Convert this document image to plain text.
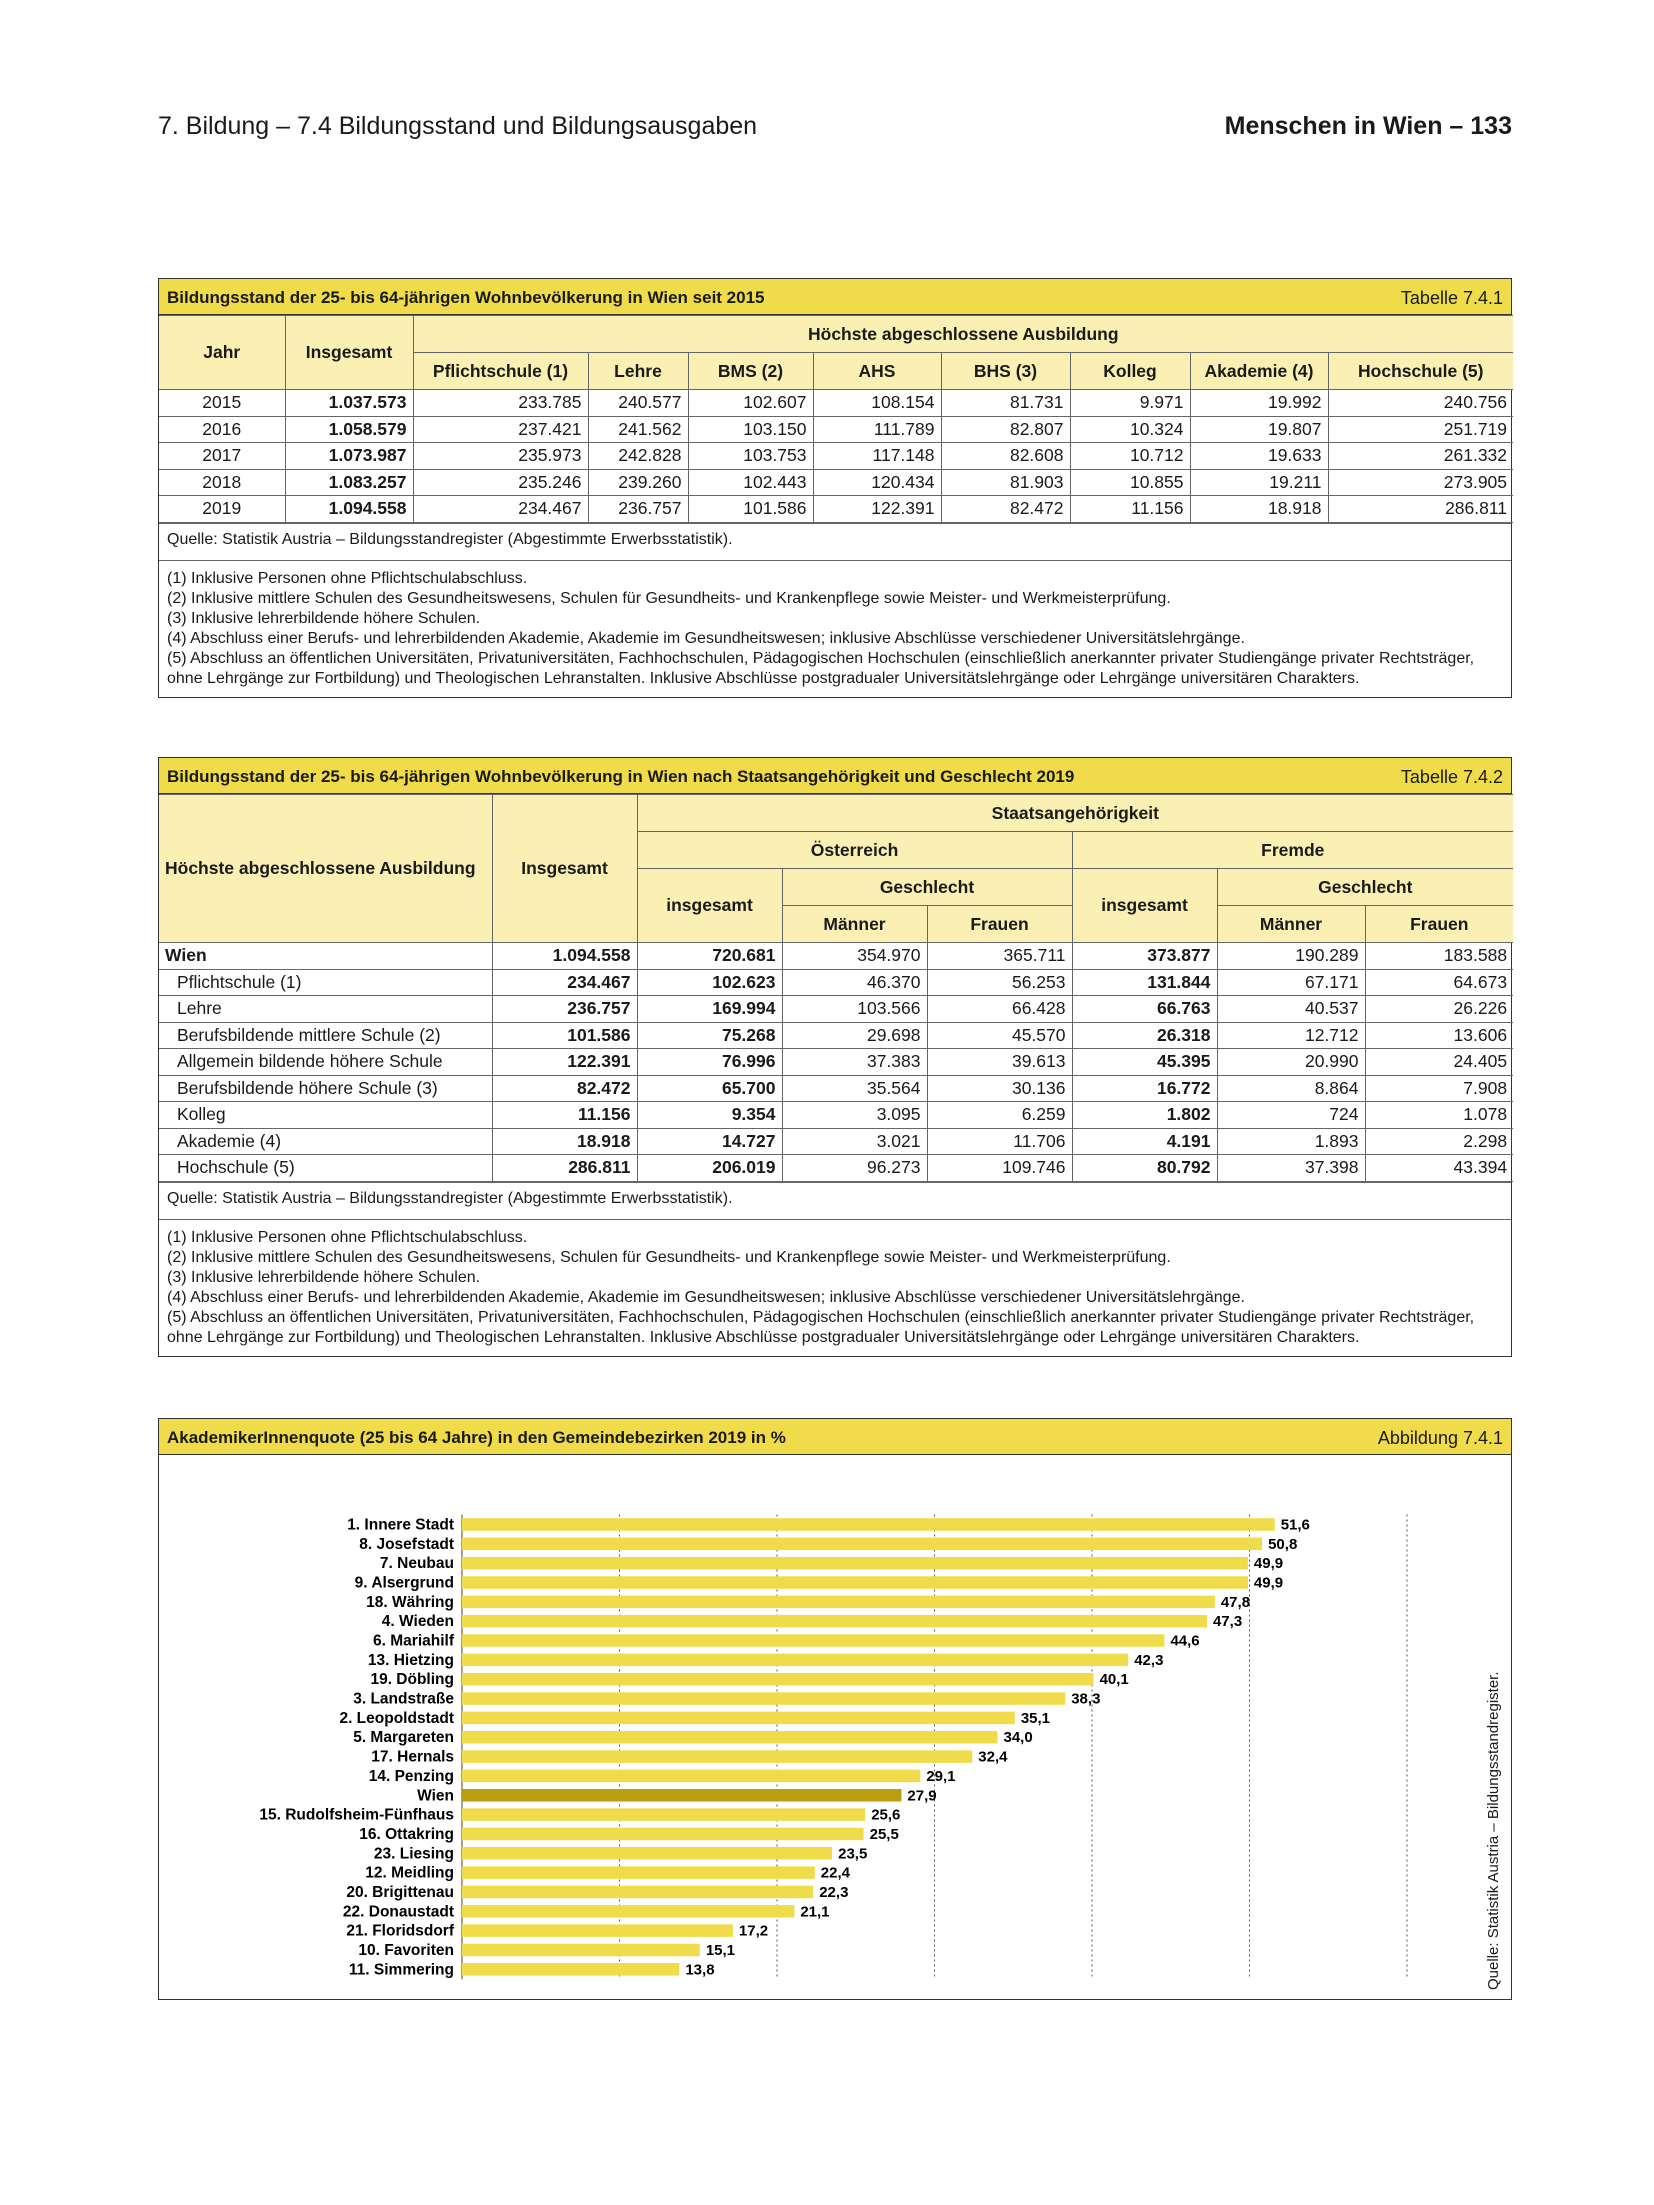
7. Bildung – 7.4 Bildungsstand und Bildungsausgaben	Menschen in Wien – 133
Bildungsstand der 25- bis 64-jährigen Wohnbevölkerung in Wien seit 2015	Tabelle 7.4.1
Jahr	Insgesamt	Höchste abgeschlossene Ausbildung							
		Pflichtschule (1)	Lehre	BMS (2)	AHS	BHS (3)	Kolleg	Akademie (4)	Hochschule (5)
2015	1.037.573	233.785	240.577	102.607	108.154	81.731	9.971	19.992	240.756
2016	1.058.579	237.421	241.562	103.150	111.789	82.807	10.324	19.807	251.719
2017	1.073.987	235.973	242.828	103.753	117.148	82.608	10.712	19.633	261.332
2018	1.083.257	235.246	239.260	102.443	120.434	81.903	10.855	19.211	273.905
2019	1.094.558	234.467	236.757	101.586	122.391	82.472	11.156	18.918	286.811
Quelle: Statistik Austria – Bildungsstandregister (Abgestimmte Erwerbsstatistik).
(1) Inklusive Personen ohne Pflichtschulabschluss.
(2) Inklusive mittlere Schulen des Gesundheitswesens, Schulen für Gesundheits- und Krankenpflege sowie Meister- und Werkmeisterprüfung.
(3) Inklusive lehrerbildende höhere Schulen.
(4) Abschluss einer Berufs- und lehrerbildenden Akademie, Akademie im Gesundheitswesen; inklusive Abschlüsse verschiedener Universitätslehrgänge.
(5) Abschluss an öffentlichen Universitäten, Privatuniversitäten, Fachhochschulen, Pädagogischen Hochschulen (einschließlich anerkannter privater Studiengänge privater Rechtsträger, ohne Lehrgänge zur Fortbildung) und Theologischen Lehranstalten. Inklusive Abschlüsse postgradualer Universitätslehrgänge oder Lehrgänge universitären Charakters.
Bildungsstand der 25- bis 64-jährigen Wohnbevölkerung in Wien nach Staatsangehörigkeit und Geschlecht 2019	Tabelle 7.4.2
Höchste abgeschlossene Ausbildung	Insgesamt	Staatsangehörigkeit					
		Österreich			Fremde		
		insgesamt	Geschlecht		insgesamt	Geschlecht	
			Männer	Frauen		Männer	Frauen
Wien	1.094.558	720.681	354.970	365.711	373.877	190.289	183.588
Pflichtschule (1)	234.467	102.623	46.370	56.253	131.844	67.171	64.673
Lehre	236.757	169.994	103.566	66.428	66.763	40.537	26.226
Berufsbildende mittlere Schule (2)	101.586	75.268	29.698	45.570	26.318	12.712	13.606
Allgemein bildende höhere Schule	122.391	76.996	37.383	39.613	45.395	20.990	24.405
Berufsbildende höhere Schule (3)	82.472	65.700	35.564	30.136	16.772	8.864	7.908
Kolleg	11.156	9.354	3.095	6.259	1.802	724	1.078
Akademie (4)	18.918	14.727	3.021	11.706	4.191	1.893	2.298
Hochschule (5)	286.811	206.019	96.273	109.746	80.792	37.398	43.394
Quelle: Statistik Austria – Bildungsstandregister (Abgestimmte Erwerbsstatistik).
(1) Inklusive Personen ohne Pflichtschulabschluss.
(2) Inklusive mittlere Schulen des Gesundheitswesens, Schulen für Gesundheits- und Krankenpflege sowie Meister- und Werkmeisterprüfung.
(3) Inklusive lehrerbildende höhere Schulen.
(4) Abschluss einer Berufs- und lehrerbildenden Akademie, Akademie im Gesundheitswesen; inklusive Abschlüsse verschiedener Universitätslehrgänge.
(5) Abschluss an öffentlichen Universitäten, Privatuniversitäten, Fachhochschulen, Pädagogischen Hochschulen (einschließlich anerkannter privater Studiengänge privater Rechtsträger, ohne Lehrgänge zur Fortbildung) und Theologischen Lehranstalten. Inklusive Abschlüsse postgradualer Universitätslehrgänge oder Lehrgänge universitären Charakters.
AkademikerInnenquote (25 bis 64 Jahre) in den Gemeindebezirken 2019 in %	Abbildung 7.4.1
1. Innere Stadt	51,6
8. Josefstadt	50,8
7. Neubau	49,9
9. Alsergrund	49,9
18. Währing	47,8
4. Wieden	47,3
6. Mariahilf	44,6
13. Hietzing	42,3
19. Döbling	40,1
3. Landstraße	38,3
2. Leopoldstadt	35,1
5. Margareten	34,0
17. Hernals	32,4
14. Penzing	29,1
Wien	27,9
15. Rudolfsheim-Fünfhaus	25,6
16. Ottakring	25,5
23. Liesing	23,5
12. Meidling	22,4
20. Brigittenau	22,3
22. Donaustadt	21,1
21. Floridsdorf	17,2
10. Favoriten	15,1
11. Simmering	13,8	Quelle: Statistik Austria – Bildungsstandregister.
